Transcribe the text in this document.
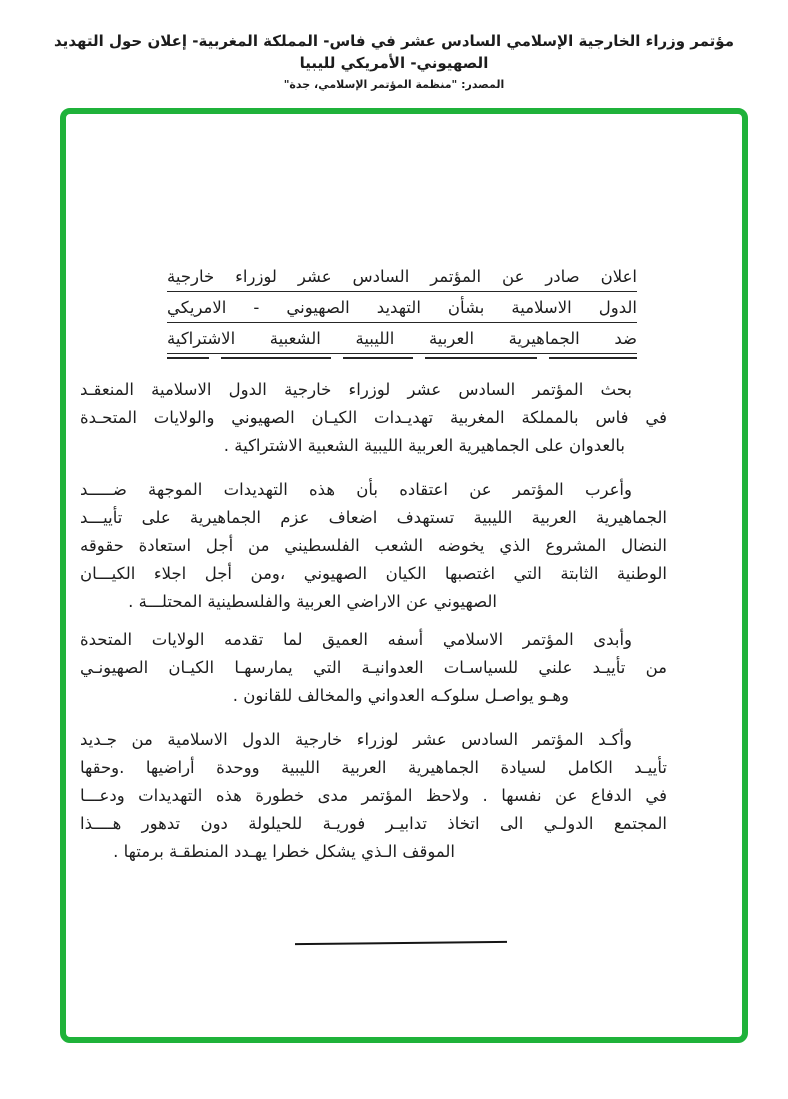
مؤتمر وزراء الخارجية الإسلامي السادس عشر في فاس- المملكة المغربية- إعلان حول التهديد الصهيوني- الأمريكي لليبيا
المصدر: "منظمة المؤتمر الإسلامي، جدة"
اعلان صادر عن المؤتمر السادس عشر لوزراء خارجية
الدول الاسلامية بشأن التهديد الصهيوني - الامريكي
ضد الجماهيرية العربية الليبية الشعبية الاشتراكية
بحث المؤتمر السادس عشر لوزراء خارجية الدول الاسلامية المنعقـد
في فاس بالمملكة المغربية تهديـدات الكيـان الصهيوني والولايات المتحـدة
بالعدوان على الجماهيرية العربية الليبية الشعبية الاشتراكية .
وأعرب المؤتمر عن اعتقاده بأن هذه التهديدات الموجهة ضـــــد
الجماهيرية العربية الليبية تستهدف اضعاف عزم الجماهيرية على تأييـــد
النضال المشروع الذي يخوضه الشعب الفلسطيني من أجل استعادة حقوقه
الوطنية الثابتة التي اغتصبها الكيان الصهيوني ،ومن أجل اجلاء الكيـــان
الصهيوني عن الاراضي العربية والفلسطينية المحتلـــة .
وأبدى المؤتمر الاسلامي أسفه العميق لما تقدمه الولايات المتحدة
من تأييـد علني للسياسـات العدوانيـة التي يمارسهـا الكيـان الصهيونـي
وهـو يواصـل سلوكـه العدواني والمخالف للقانون .
وأكـد المؤتمر السادس عشر لوزراء خارجية الدول الاسلامية من جـديد
تأييـد الكامل لسيادة الجماهيرية العربية الليبية ووحدة أراضيها .وحقها
في الدفاع عن نفسها . ولاحظ المؤتمر مدى خطورة هذه التهديدات ودعـــا
المجتمع الدولـي الى اتخاذ تدابيـر فوريـة للحيلولة دون تدهور هــــذا
الموقف الـذي يشكل خطرا يهـدد المنطقـة برمتها .
